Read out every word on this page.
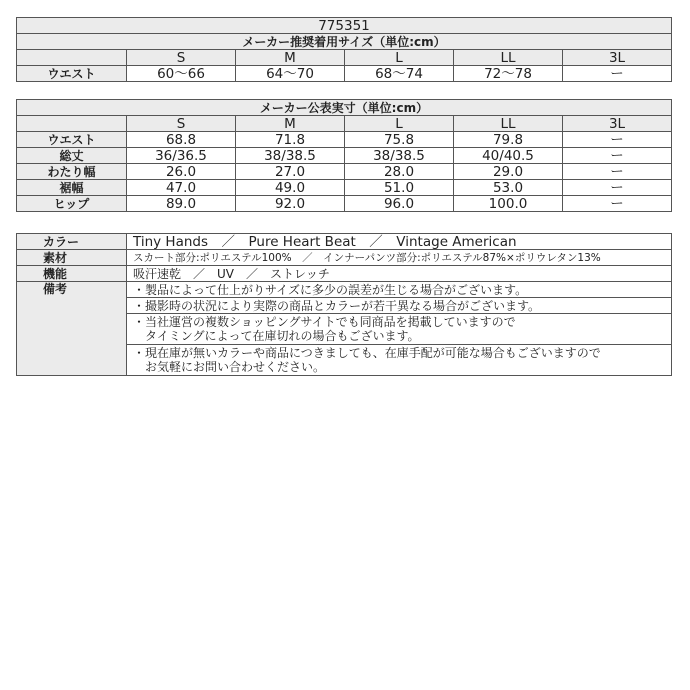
775351					
メーカー推奨着用サイズ（単位:cm）					
	S	M	L	LL	3L
ウエスト	60〜66	64〜70	68〜74	72〜78	ー
メーカー公表実寸（単位:cm）					
	S	M	L	LL	3L
ウエスト	68.8	71.8	75.8	79.8	ー
総丈	36/36.5	38/38.5	38/38.5	40/40.5	ー
わたり幅	26.0	27.0	28.0	29.0	ー
裾幅	47.0	49.0	51.0	53.0	ー
ヒップ	89.0	92.0	96.0	100.0	ー
カラー	Tiny Hands　／　Pure Heart Beat　／　Vintage American
素材	スカート部分:ポリエステル100%　／　インナーパンツ部分:ポリエステル87%×ポリウレタン13%
機能	吸汗速乾　／　UV　／　ストレッチ
備考	・製品によって仕上がりサイズに多少の誤差が生じる場合がございます。

	・撮影時の状況により実際の商品とカラーが若干異なる場合がございます。

	・当社運営の複数ショッピングサイトでも同商品を掲載していますので
　タイミングによって在庫切れの場合もございます。

	・現在庫が無いカラーや商品につきましても、在庫手配が可能な場合もございますので
　お気軽にお問い合わせください。
